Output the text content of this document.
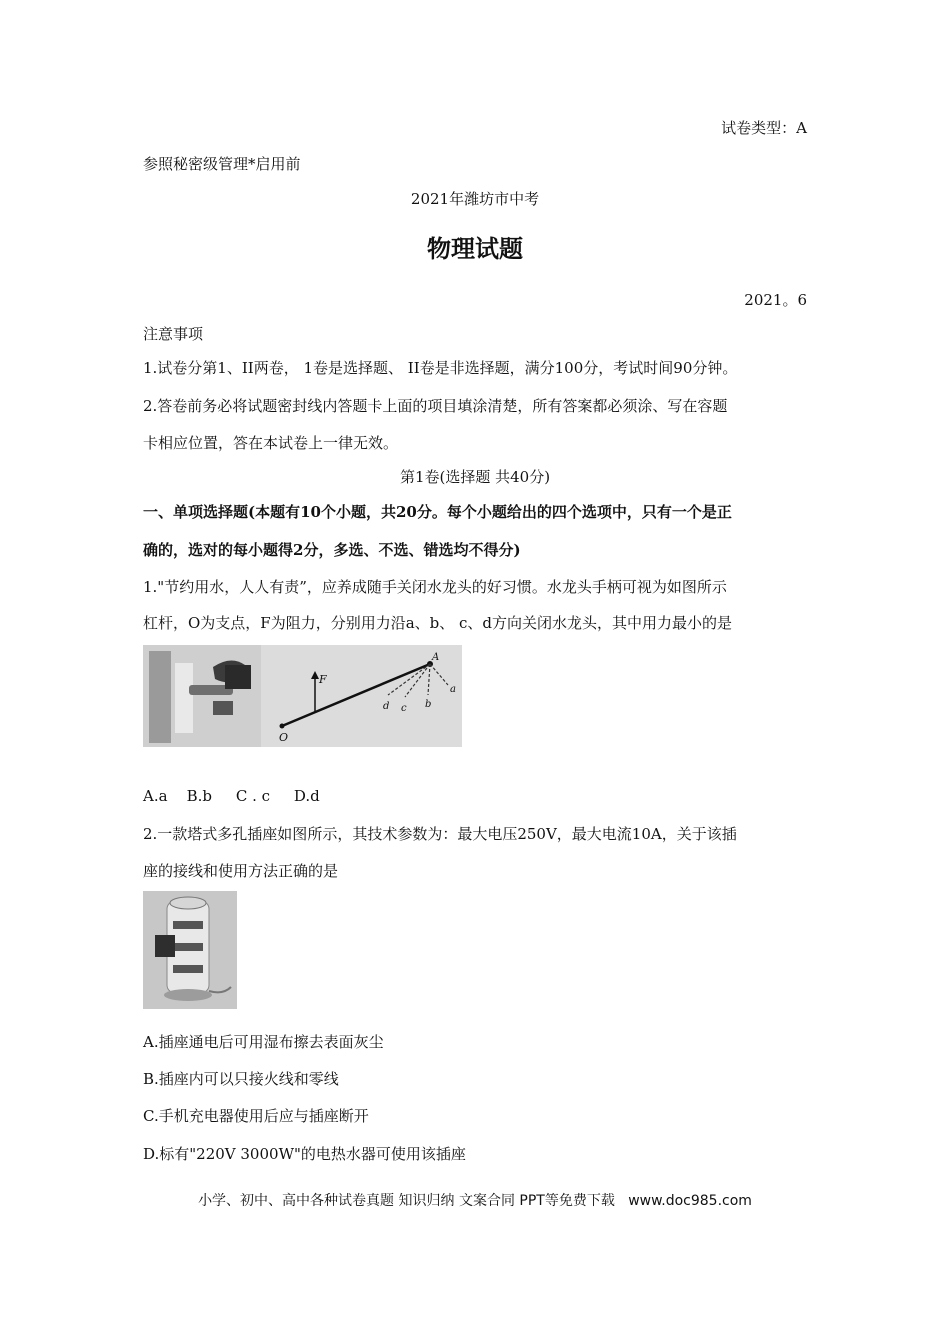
试卷类型：A
参照秘密级管理*启用前
2021年潍坊市中考
物理试题
2021。6
注意事项
1.试卷分第1、II两卷， 1卷是选择题、 II卷是非选择题，满分100分，考试时间90分钟。
2.答卷前务必将试题密封线内答题卡上面的项目填涂清楚，所有答案都必须涂、写在容题
卡相应位置，答在本试卷上一律无效。
第1卷(选择题 共40分)
一、单项选择题(本题有10个小题，共20分。每个小题给出的四个选项中，只有一个是正
确的，选对的每小题得2分，多选、不选、错选均不得分)
1."节约用水，人人有责”，应养成随手关闭水龙头的好习惯。水龙头手柄可视为如图所示
杠杆，O为支点，F为阻力，分别用力沿a、b、 c、d方向关闭水龙头，其中用力最小的是
F
O
A
a
b
c
d
A.a    B.b     C . c     D.d
2.一款塔式多孔插座如图所示，其技术参数为：最大电压250V，最大电流10A，关于该插
座的接线和使用方法正确的是
A.插座通电后可用湿布擦去表面灰尘
B.插座内可以只接火线和零线
C.手机充电器使用后应与插座断开
D.标有"220V 3000W"的电热水器可使用该插座
小学、初中、高中各种试卷真题 知识归纳 文案合同 PPT等免费下载   www.doc985.com
